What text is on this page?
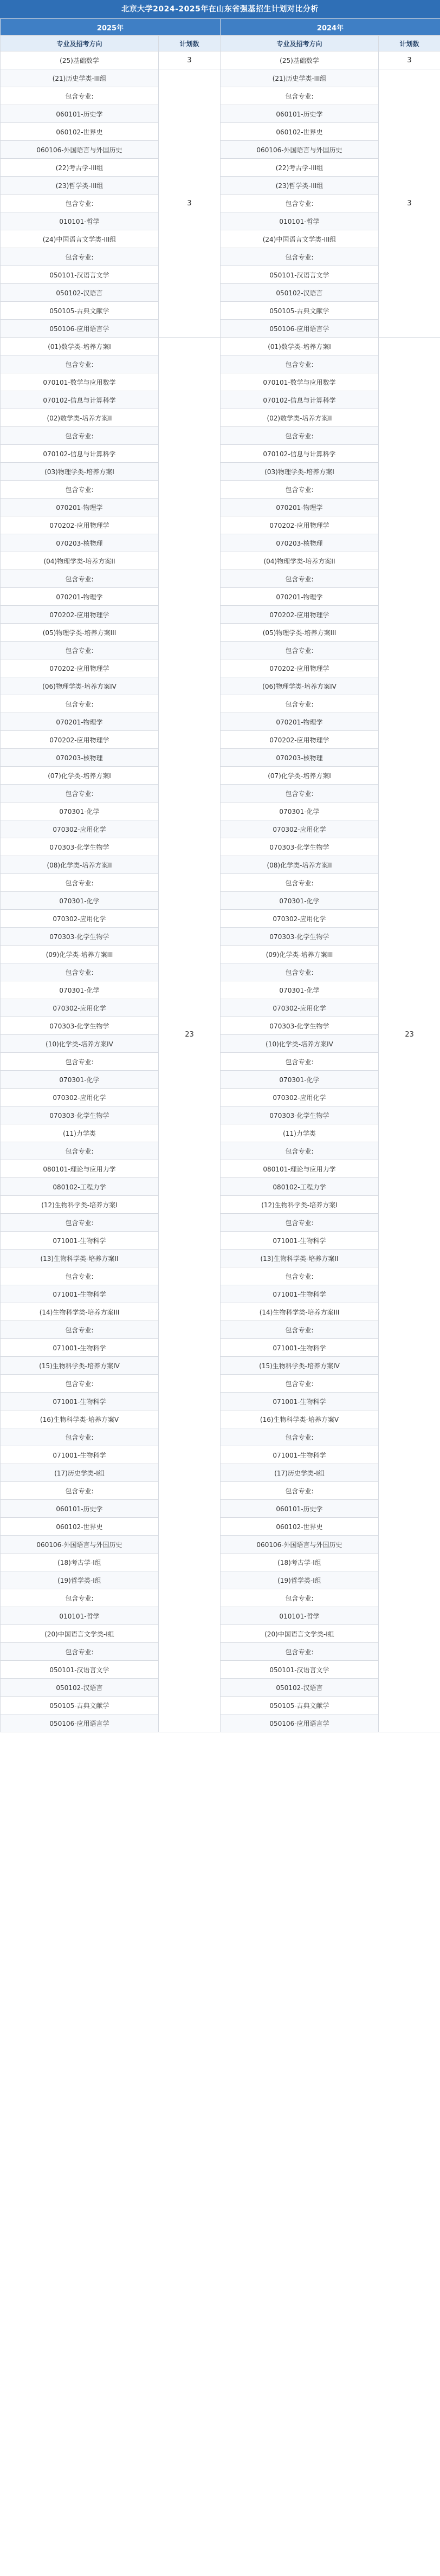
北京大学2024-2025年在山东省强基招生计划对比分析
2025年		2024年	
专业及招考方向	计划数	专业及招考方向	计划数
(25)基础数学	3	(25)基础数学	3
(21)历史学类-III组	3	(21)历史学类-III组	3
包含专业:		包含专业:	
060101-历史学		060101-历史学	
060102-世界史		060102-世界史	
060106-外国语言与外国历史		060106-外国语言与外国历史	
(22)考古学-III组		(22)考古学-III组	
(23)哲学类-III组		(23)哲学类-III组	
包含专业:		包含专业:	
010101-哲学		010101-哲学	
(24)中国语言文学类-III组		(24)中国语言文学类-III组	
包含专业:		包含专业:	
050101-汉语言文学		050101-汉语言文学	
050102-汉语言		050102-汉语言	
050105-古典文献学		050105-古典文献学	
050106-应用语言学		050106-应用语言学	
(01)数学类-培养方案I	23	(01)数学类-培养方案I	23
包含专业:		包含专业:	
070101-数学与应用数学		070101-数学与应用数学	
070102-信息与计算科学		070102-信息与计算科学	
(02)数学类-培养方案II		(02)数学类-培养方案II	
包含专业:		包含专业:	
070102-信息与计算科学		070102-信息与计算科学	
(03)物理学类-培养方案I		(03)物理学类-培养方案I	
包含专业:		包含专业:	
070201-物理学		070201-物理学	
070202-应用物理学		070202-应用物理学	
070203-核物理		070203-核物理	
(04)物理学类-培养方案II		(04)物理学类-培养方案II	
包含专业:		包含专业:	
070201-物理学		070201-物理学	
070202-应用物理学		070202-应用物理学	
(05)物理学类-培养方案III		(05)物理学类-培养方案III	
包含专业:		包含专业:	
070202-应用物理学		070202-应用物理学	
(06)物理学类-培养方案IV		(06)物理学类-培养方案IV	
包含专业:		包含专业:	
070201-物理学		070201-物理学	
070202-应用物理学		070202-应用物理学	
070203-核物理		070203-核物理	
(07)化学类-培养方案I		(07)化学类-培养方案I	
包含专业:		包含专业:	
070301-化学		070301-化学	
070302-应用化学		070302-应用化学	
070303-化学生物学		070303-化学生物学	
(08)化学类-培养方案II		(08)化学类-培养方案II	
包含专业:		包含专业:	
070301-化学		070301-化学	
070302-应用化学		070302-应用化学	
070303-化学生物学		070303-化学生物学	
(09)化学类-培养方案III		(09)化学类-培养方案III	
包含专业:		包含专业:	
070301-化学		070301-化学	
070302-应用化学		070302-应用化学	
070303-化学生物学		070303-化学生物学	
(10)化学类-培养方案IV		(10)化学类-培养方案IV	
包含专业:		包含专业:	
070301-化学		070301-化学	
070302-应用化学		070302-应用化学	
070303-化学生物学		070303-化学生物学	
(11)力学类		(11)力学类	
包含专业:		包含专业:	
080101-理论与应用力学		080101-理论与应用力学	
080102-工程力学		080102-工程力学	
(12)生物科学类-培养方案I		(12)生物科学类-培养方案I	
包含专业:		包含专业:	
071001-生物科学		071001-生物科学	
(13)生物科学类-培养方案II		(13)生物科学类-培养方案II	
包含专业:		包含专业:	
071001-生物科学		071001-生物科学	
(14)生物科学类-培养方案III		(14)生物科学类-培养方案III	
包含专业:		包含专业:	
071001-生物科学		071001-生物科学	
(15)生物科学类-培养方案IV		(15)生物科学类-培养方案IV	
包含专业:		包含专业:	
071001-生物科学		071001-生物科学	
(16)生物科学类-培养方案V		(16)生物科学类-培养方案V	
包含专业:		包含专业:	
071001-生物科学		071001-生物科学	
(17)历史学类-I组		(17)历史学类-I组	
包含专业:		包含专业:	
060101-历史学		060101-历史学	
060102-世界史		060102-世界史	
060106-外国语言与外国历史		060106-外国语言与外国历史	
(18)考古学-I组		(18)考古学-I组	
(19)哲学类-I组		(19)哲学类-I组	
包含专业:		包含专业:	
010101-哲学		010101-哲学	
(20)中国语言文学类-I组		(20)中国语言文学类-I组	
包含专业:		包含专业:	
050101-汉语言文学		050101-汉语言文学	
050102-汉语言		050102-汉语言	
050105-古典文献学		050105-古典文献学	
050106-应用语言学		050106-应用语言学	
